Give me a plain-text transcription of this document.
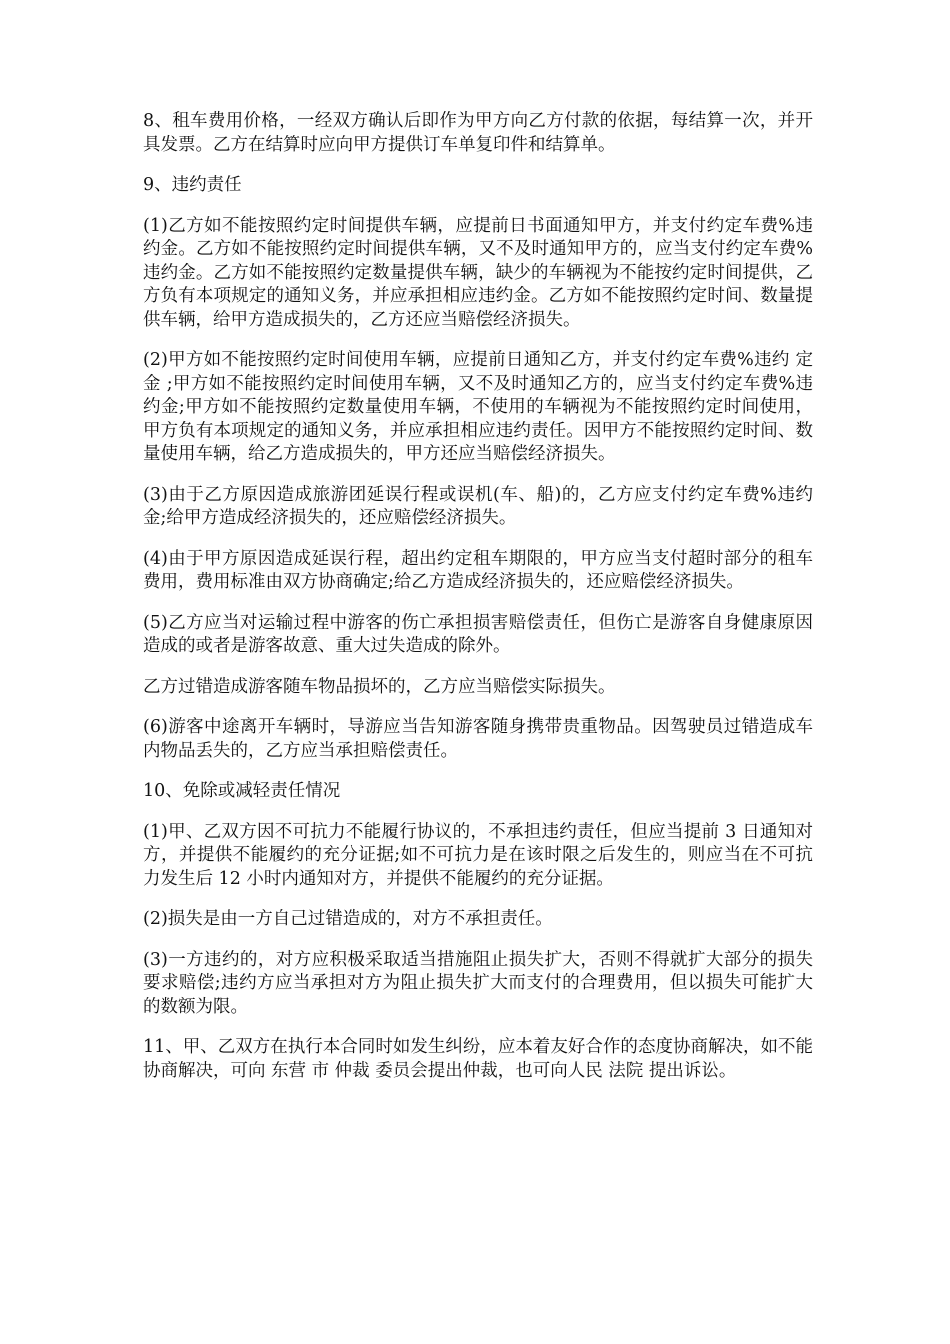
8、租车费用价格，一经双方确认后即作为甲方向乙方付款的依据，每结算一次，并开具发票。乙方在结算时应向甲方提供订车单复印件和结算单。

9、违约责任

(1)乙方如不能按照约定时间提供车辆，应提前日书面通知甲方，并支付约定车费%违约金。乙方如不能按照约定时间提供车辆，又不及时通知甲方的，应当支付约定车费%违约金。乙方如不能按照约定数量提供车辆，缺少的车辆视为不能按约定时间提供，乙方负有本项规定的通知义务，并应承担相应违约金。乙方如不能按照约定时间、数量提供车辆，给甲方造成损失的，乙方还应当赔偿经济损失。

(2)甲方如不能按照约定时间使用车辆，应提前日通知乙方，并支付约定车费%违约 定金 ;甲方如不能按照约定时间使用车辆，又不及时通知乙方的，应当支付约定车费%违约金;甲方如不能按照约定数量使用车辆，不使用的车辆视为不能按照约定时间使用，甲方负有本项规定的通知义务，并应承担相应违约责任。因甲方不能按照约定时间、数量使用车辆，给乙方造成损失的，甲方还应当赔偿经济损失。

(3)由于乙方原因造成旅游团延误行程或误机(车、船)的，乙方应支付约定车费%违约金;给甲方造成经济损失的，还应赔偿经济损失。

(4)由于甲方原因造成延误行程，超出约定租车期限的，甲方应当支付超时部分的租车费用，费用标准由双方协商确定;给乙方造成经济损失的，还应赔偿经济损失。

(5)乙方应当对运输过程中游客的伤亡承担损害赔偿责任，但伤亡是游客自身健康原因造成的或者是游客故意、重大过失造成的除外。

乙方过错造成游客随车物品损坏的，乙方应当赔偿实际损失。

(6)游客中途离开车辆时，导游应当告知游客随身携带贵重物品。因驾驶员过错造成车内物品丢失的，乙方应当承担赔偿责任。

10、免除或减轻责任情况

(1)甲、乙双方因不可抗力不能履行协议的，不承担违约责任，但应当提前 3 日通知对方，并提供不能履约的充分证据;如不可抗力是在该时限之后发生的，则应当在不可抗力发生后 12 小时内通知对方，并提供不能履约的充分证据。

(2)损失是由一方自己过错造成的，对方不承担责任。

(3)一方违约的，对方应积极采取适当措施阻止损失扩大，否则不得就扩大部分的损失要求赔偿;违约方应当承担对方为阻止损失扩大而支付的合理费用，但以损失可能扩大的数额为限。

11、甲、乙双方在执行本合同时如发生纠纷，应本着友好合作的态度协商解决，如不能协商解决，可向 东营 市 仲裁 委员会提出仲裁，也可向人民 法院 提出诉讼。
